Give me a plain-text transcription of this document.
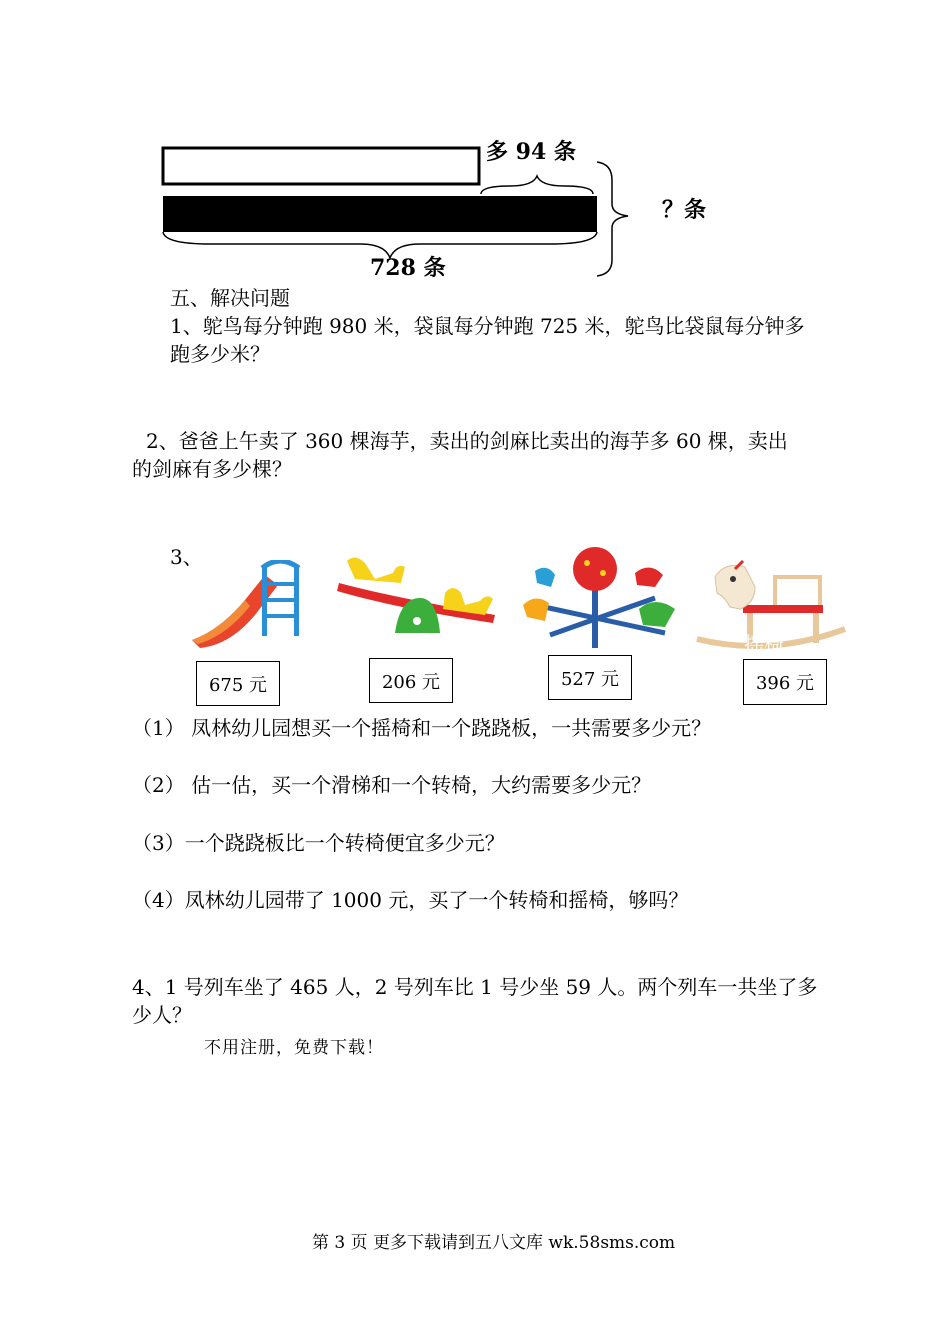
多 94 条
？条
728 条
五、解决问题
1、鸵鸟每分钟跑 980 米，袋鼠每分钟跑 725 米，鸵鸟比袋鼠每分钟多
跑多少米？
2、爸爸上午卖了 360 棵海芋，卖出的剑麻比卖出的海芋多 60 棵，卖出
的剑麻有多少棵？
3、
摇椅
675 元	206 元	527 元	396 元
（1） 凤林幼儿园想买一个摇椅和一个跷跷板，一共需要多少元？
（2） 估一估，买一个滑梯和一个转椅，大约需要多少元？
（3）一个跷跷板比一个转椅便宜多少元？
（4）凤林幼儿园带了 1000 元，买了一个转椅和摇椅，够吗？
4、1 号列车坐了 465 人，2 号列车比 1 号少坐 59 人。两个列车一共坐了多
少人？
不用注册，免费下载！
第 3 页 更多下载请到五八文库 wk.58sms.com
